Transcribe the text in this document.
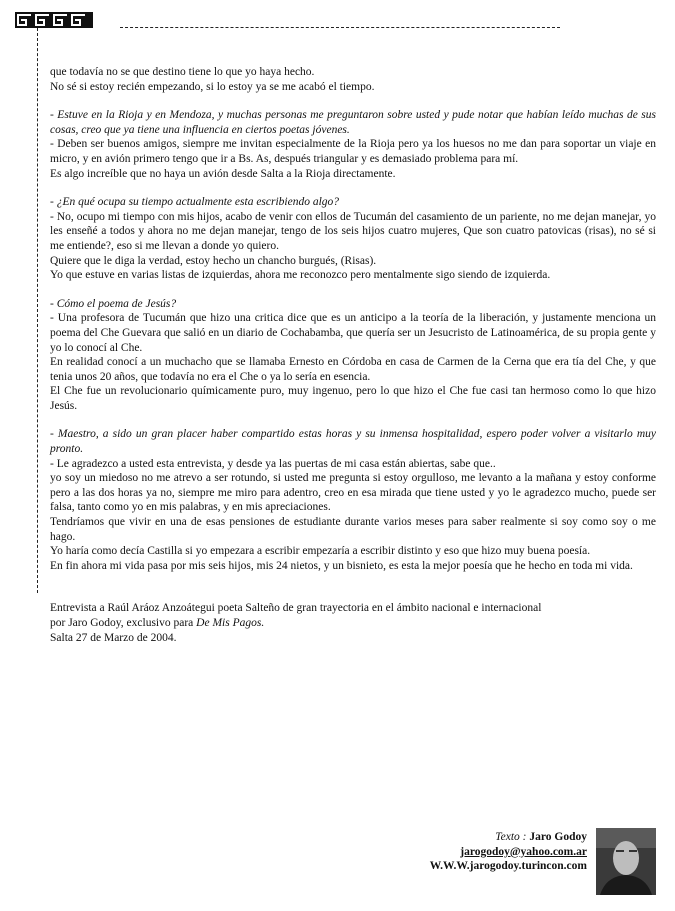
que todavía no se que destino tiene lo que yo haya hecho.

No sé si estoy recién empezando, si lo estoy ya se me acabó el tiempo.

- Estuve en la Rioja y en Mendoza, y muchas personas me preguntaron sobre usted y pude notar que habían leído muchas de sus cosas, creo que ya tiene una influencia en ciertos poetas jóvenes.

- Deben ser buenos amigos, siempre me invitan especialmente de la Rioja pero ya los huesos no me dan para soportar un viaje en micro, y en avión primero tengo que ir a Bs. As, después triangular y es demasiado problema para mí.

Es algo increíble que no haya un avión desde Salta a la Rioja directamente.

- ¿En qué ocupa su tiempo actualmente esta escribiendo algo?

- No, ocupo mi tiempo con mis hijos, acabo de venir con ellos de Tucumán del casamiento de un pariente, no me dejan manejar, yo les enseñé a todos y ahora no me dejan manejar, tengo de los seis hijos cuatro mujeres, Que son cuatro patovicas (risas), no sé si me entiende?, eso si me llevan a donde yo quiero.

Quiere que le diga la verdad, estoy hecho un chancho burgués, (Risas).

Yo que estuve en varias listas de izquierdas, ahora me reconozco pero mentalmente sigo siendo de izquierda.

- Cómo el poema de Jesús?

- Una profesora de Tucumán que hizo una critica dice que es un anticipo a la teoría de la liberación, y justamente menciona un poema del Che Guevara que salió en un diario de Cochabamba, que quería ser un Jesucristo de Latinoamérica, de su propia gente y yo lo conocí al Che.

En realidad conocí a un muchacho que se llamaba Ernesto en Córdoba en casa de Carmen de la Cerna que era tía del Che, y que tenia unos 20 años, que todavía no era el Che o ya lo sería en esencia.

El Che fue un revolucionario químicamente puro, muy ingenuo, pero lo que hizo el Che fue casi tan hermoso como lo que hizo Jesús.

- Maestro, a sido un gran placer haber compartido estas horas y su inmensa hospitalidad, espero poder volver a visitarlo muy pronto.

- Le agradezco a usted esta entrevista, y desde ya las puertas de mi casa están abiertas, sabe que..

yo soy un miedoso no me atrevo a ser rotundo, si usted me pregunta si estoy orgulloso, me levanto a la mañana y estoy conforme pero a las dos horas ya no, siempre me miro para adentro, creo en esa mirada que tiene usted y yo le agradezco mucho, puede ser falsa, tanto como yo en mis palabras, y en mis apreciaciones.

Tendríamos que vivir en una de esas pensiones de estudiante durante varios meses para saber realmente si soy como soy o me hago.

Yo haría como decía Castilla si yo empezara a escribir empezaría a escribir distinto y eso que hizo muy buena poesía.

En fin ahora mi vida pasa por mis seis hijos, mis 24 nietos, y un bisnieto, es esta la mejor poesía que he hecho en toda mi vida.

Entrevista a Raúl Aráoz Anzoátegui poeta Salteño de gran trayectoria en el ámbito nacional e internacional

por Jaro Godoy, exclusivo para De Mis Pagos.

Salta 27 de Marzo de 2004.

Texto : Jaro Godoy
jarogodoy@yahoo.com.ar
W.W.W.jarogodoy.turincon.com
